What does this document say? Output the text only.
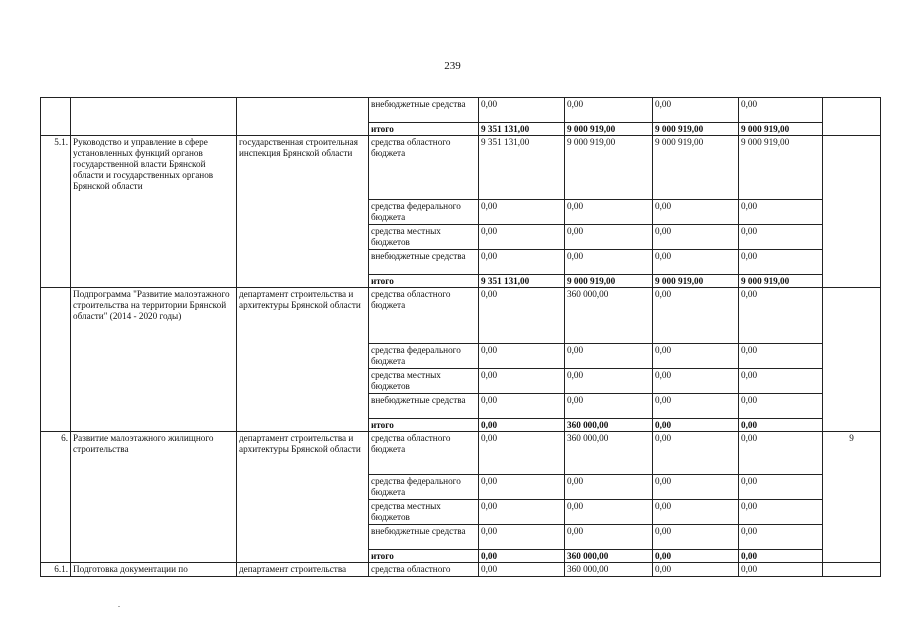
239
			внебюджетные средства	0,00	0,00	0,00	0,00	
			итого	9 351 131,00	9 000 919,00	9 000 919,00	9 000 919,00	
5.1.	Руководство и управление в сфере установленных функций органов государственной власти Брянской области и государственных органов Брянской области	государственная строительная инспекция Брянской области	средства областного бюджета	9 351 131,00	9 000 919,00	9 000 919,00	9 000 919,00	
			средства федерального бюджета	0,00	0,00	0,00	0,00	
			средства местных бюджетов	0,00	0,00	0,00	0,00	
			внебюджетные средства	0,00	0,00	0,00	0,00	
			итого	9 351 131,00	9 000 919,00	9 000 919,00	9 000 919,00	
	Подпрограмма "Развитие малоэтажного строительства на территории Брянской области" (2014 - 2020 годы)	департамент строительства и архитектуры Брянской области	средства областного бюджета	0,00	360 000,00	0,00	0,00	
			средства федерального бюджета	0,00	0,00	0,00	0,00	
			средства местных бюджетов	0,00	0,00	0,00	0,00	
			внебюджетные средства	0,00	0,00	0,00	0,00	
			итого	0,00	360 000,00	0,00	0,00	
6.	Развитие малоэтажного жилищного строительства	департамент строительства и архитектуры Брянской области	средства областного бюджета	0,00	360 000,00	0,00	0,00	9
			средства федерального бюджета	0,00	0,00	0,00	0,00	
			средства местных бюджетов	0,00	0,00	0,00	0,00	
			внебюджетные средства	0,00	0,00	0,00	0,00	
			итого	0,00	360 000,00	0,00	0,00	
6.1.	Подготовка документации по	департамент строительства	средства областного	0,00	360 000,00	0,00	0,00	
